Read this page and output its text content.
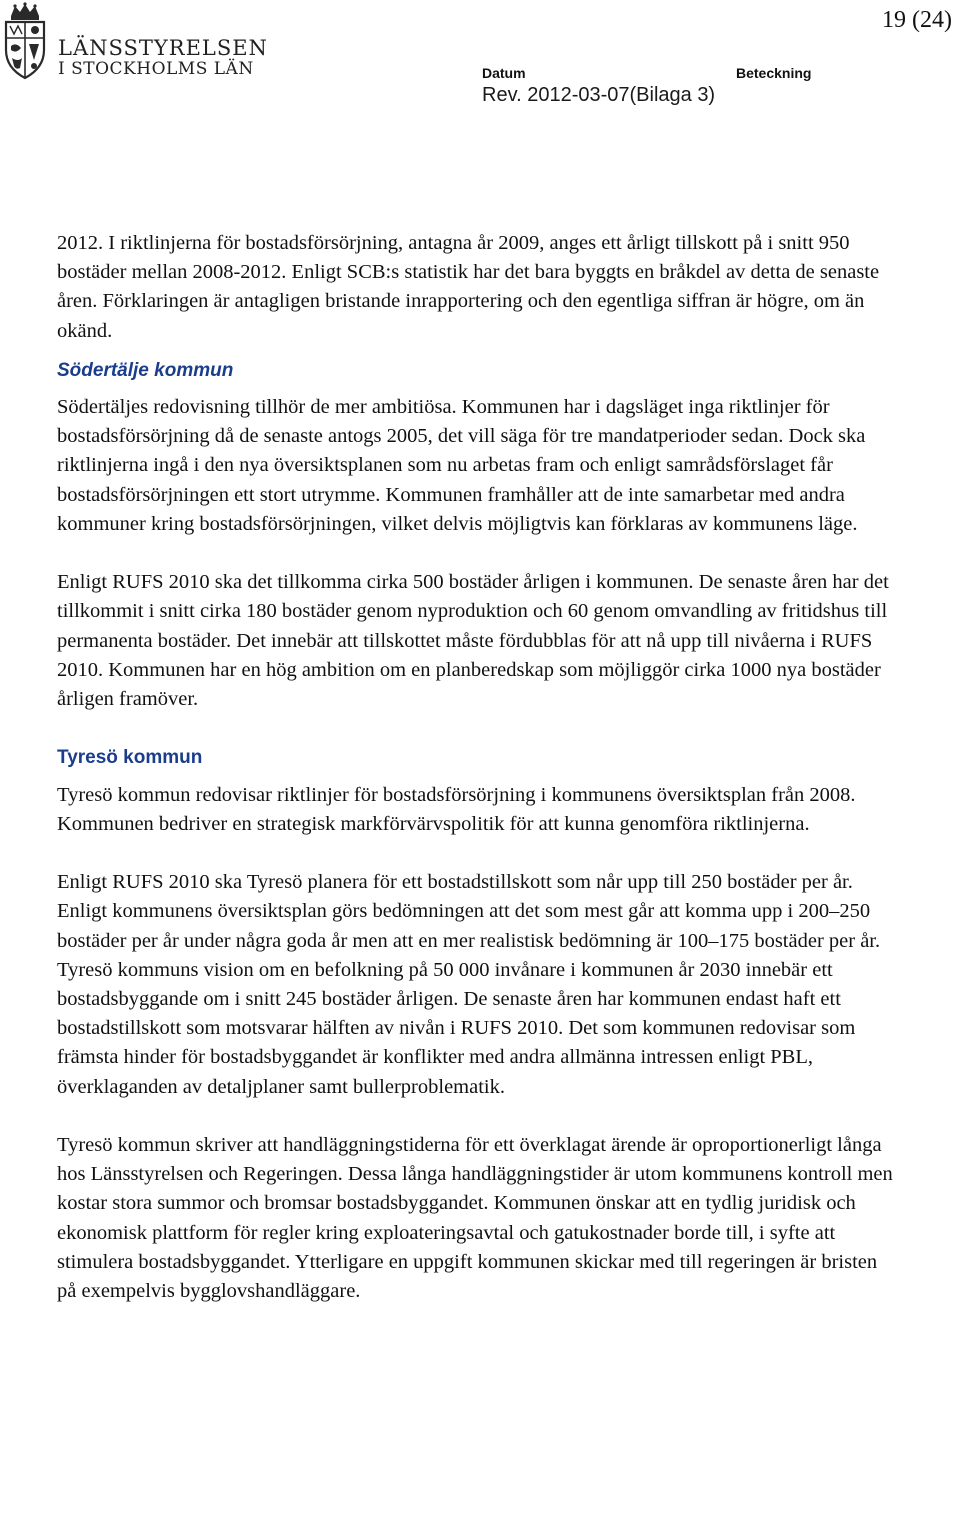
LÄNSSTYRELSEN
I STOCKHOLMS LÄN
19 (24)
Datum
Rev. 2012-03-07(Bilaga 3)
Beteckning

2012. I riktlinjerna för bostadsförsörjning, antagna år 2009, anges ett årligt tillskott på i snitt 950 bostäder mellan 2008-2012. Enligt SCB:s statistik har det bara byggts en bråkdel av detta de senaste åren. Förklaringen är antagligen bristande inrapportering och den egentliga siffran är högre, om än okänd.

Södertälje kommun

Södertäljes redovisning tillhör de mer ambitiösa. Kommunen har i dagsläget inga riktlinjer för bostadsförsörjning då de senaste antogs 2005, det vill säga för tre mandatperioder sedan. Dock ska riktlinjerna ingå i den nya översiktsplanen som nu arbetas fram och enligt samrådsförslaget får bostadsförsörjningen ett stort utrymme. Kommunen framhåller att de inte samarbetar med andra kommuner kring bostadsförsörjningen, vilket delvis möjligtvis kan förklaras av kommunens läge.

Enligt RUFS 2010 ska det tillkomma cirka 500 bostäder årligen i kommunen. De senaste åren har det tillkommit i snitt cirka 180 bostäder genom nyproduktion och 60 genom omvandling av fritidshus till permanenta bostäder. Det innebär att tillskottet måste fördubblas för att nå upp till nivåerna i RUFS 2010. Kommunen har en hög ambition om en planberedskap som möjliggör cirka 1000 nya bostäder årligen framöver.

Tyresö kommun

Tyresö kommun redovisar riktlinjer för bostadsförsörjning i kommunens översiktsplan från 2008. Kommunen bedriver en strategisk markförvärvspolitik för att kunna genomföra riktlinjerna.

Enligt RUFS 2010 ska Tyresö planera för ett bostadstillskott som når upp till 250 bostäder per år. Enligt kommunens översiktsplan görs bedömningen att det som mest går att komma upp i 200–250 bostäder per år under några goda år men att en mer realistisk bedömning är 100–175 bostäder per år. Tyresö kommuns vision om en befolkning på 50 000 invånare i kommunen år 2030 innebär ett bostadsbyggande om i snitt 245 bostäder årligen. De senaste åren har kommunen endast haft ett bostadstillskott som motsvarar hälften av nivån i RUFS 2010. Det som kommunen redovisar som främsta hinder för bostadsbyggandet är konflikter med andra allmänna intressen enligt PBL, överklaganden av detaljplaner samt bullerproblematik.

Tyresö kommun skriver att handläggningstiderna för ett överklagat ärende är oproportionerligt långa hos Länsstyrelsen och Regeringen. Dessa långa handläggningstider är utom kommunens kontroll men kostar stora summor och bromsar bostadsbyggandet. Kommunen önskar att en tydlig juridisk och ekonomisk plattform för regler kring exploateringsavtal och gatukostnader borde till, i syfte att stimulera bostadsbyggandet. Ytterligare en uppgift kommunen skickar med till regeringen är bristen på exempelvis bygglovshandläggare.
